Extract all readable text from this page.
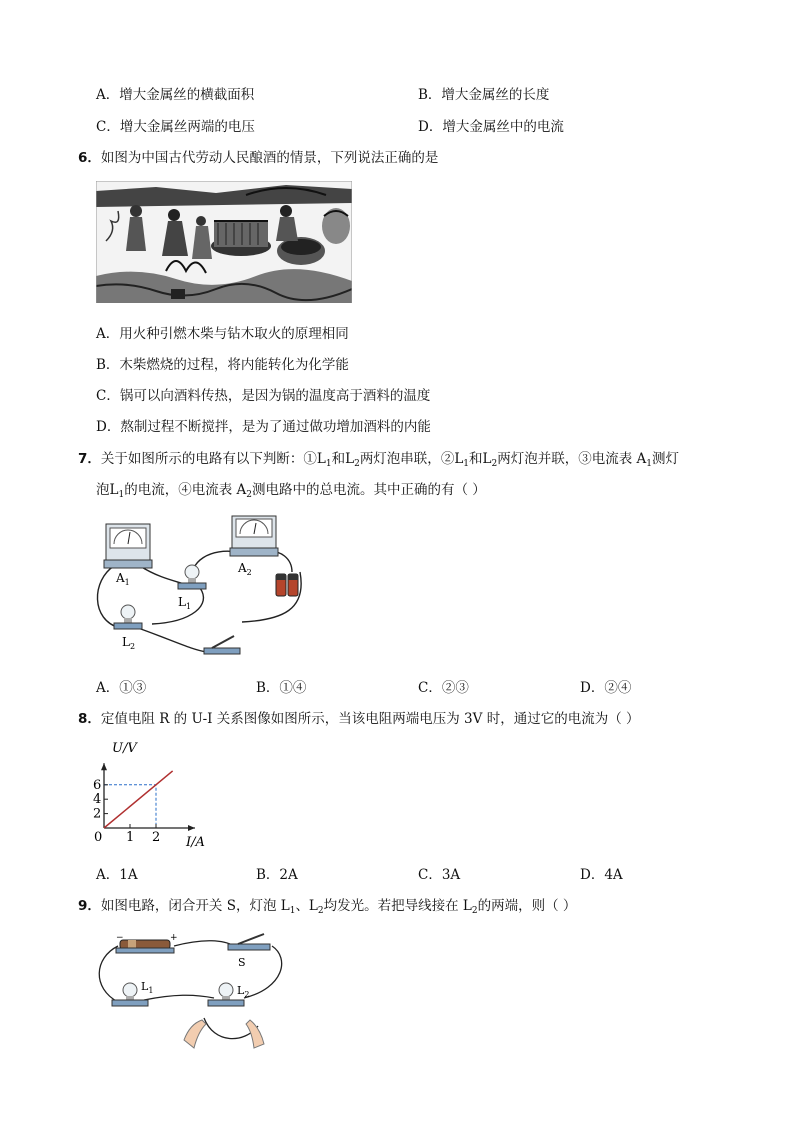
A．增大金属丝的横截面积	B．增大金属丝的长度
C．增大金属丝两端的电压	D．增大金属丝中的电流
6．如图为中国古代劳动人民酿酒的情景，下列说法正确的是
A．用火种引燃木柴与钻木取火的原理相同
B．木柴燃烧的过程，将内能转化为化学能
C．锅可以向酒料传热，是因为锅的温度高于酒料的温度
D．熬制过程不断搅拌，是为了通过做功增加酒料的内能
7．关于如图所示的电路有以下判断：$①L_1$和$L_2$两灯泡串联，$②L_1$和$L_2$两灯泡并联，③电流表 $A_1$测灯
泡$L_1$的电流，④电流表 $A_2$测电路中的总电流。其中正确的有（ ）
$A_1$
$A_2$
$L_1$
$L_2$
A．①③	B．①④	C．②③	D．②④
8．定值电阻 R 的 U-I 关系图像如图所示，当该电阻两端电压为 3V 时，通过它的电流为（ ）
0 1 2
2
4
6
U/V
I/A
A．1A	B．2A	C．3A	D．4A
9．如图电路，闭合开关 S，灯泡 $L_1$、$L_2$均发光。若把导线接在 $L_2$的两端，则（ ）
−	+
S
$L_1$	$L_2$
